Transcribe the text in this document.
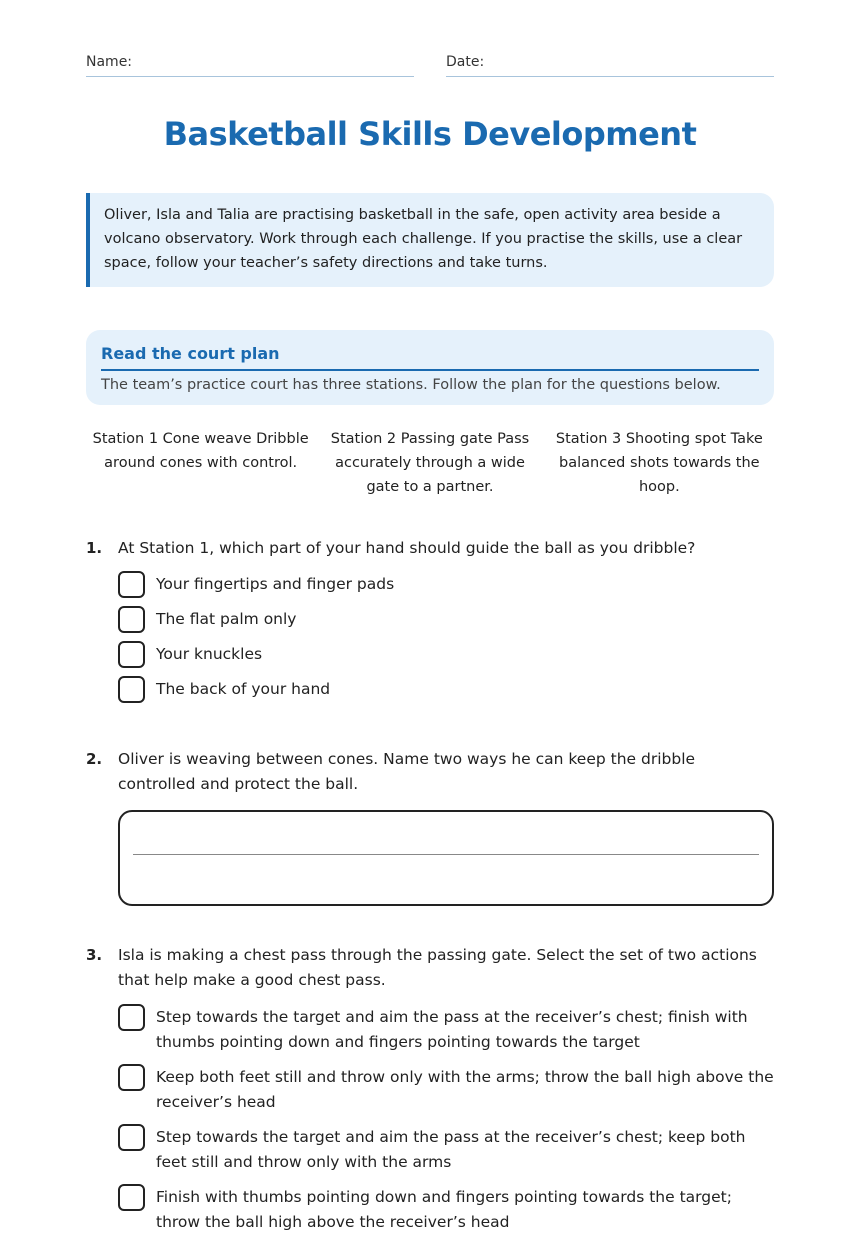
Name:	Date:
Basketball Skills Development
Oliver, Isla and Talia are practising basketball in the safe, open activity area beside a volcano observatory. Work through each challenge. If you practise the skills, use a clear space, follow your teacher’s safety directions and take turns.
Read the court plan
The team’s practice court has three stations. Follow the plan for the questions below.
Station 1 Cone weave Dribble around cones with control.
Station 2 Passing gate Pass accurately through a wide gate to a partner.
Station 3 Shooting spot Take balanced shots towards the hoop.
1.	At Station 1, which part of your hand should guide the ball as you dribble?
Your fingertips and finger pads
The flat palm only
Your knuckles
The back of your hand
2.	Oliver is weaving between cones. Name two ways he can keep the dribble controlled and protect the ball.
3.	Isla is making a chest pass through the passing gate. Select the set of two actions that help make a good chest pass.
Step towards the target and aim the pass at the receiver’s chest; finish with thumbs pointing down and fingers pointing towards the target
Keep both feet still and throw only with the arms; throw the ball high above the receiver’s head
Step towards the target and aim the pass at the receiver’s chest; keep both feet still and throw only with the arms
Finish with thumbs pointing down and fingers pointing towards the target; throw the ball high above the receiver’s head
